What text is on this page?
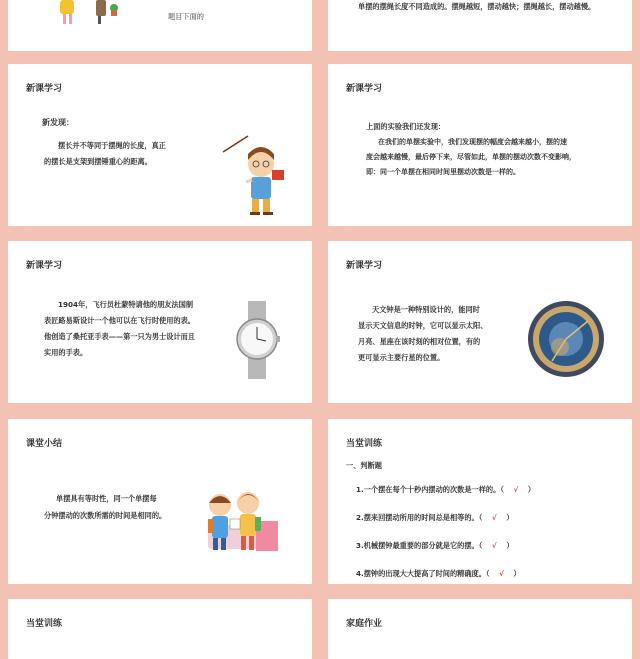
题目下面的
单摆的摆绳长度不同造成的。摆绳越短，摆动越快；摆绳越长，摆动越慢。
新课学习
新发现：
摆长并不等同于摆绳的长度，真正
的摆长是支架到摆锤重心的距离。
新课学习
上面的实验我们还发现：
在我们的单摆实验中，我们发现摆的幅度会越来越小，摆的速
度会越来越慢，最后停下来，尽管如此，单摆的摆动次数不变影响，
即：同一个单摆在相同时间里摆动次数是一样的。
新课学习
1904年，飞行员杜蒙特请他的朋友法国制
表匠路易斯设计一个他可以在飞行时使用的表。
他创造了桑托亚手表——第一只为男士设计而且
实用的手表。
新课学习
天文钟是一种特别设计的，能同时
显示天文信息的时钟，它可以显示太阳、
月亮、星座在该时刻的相对位置，有的
更可显示主要行星的位置。
课堂小结
单摆具有等时性，同一个单摆每
分钟摆动的次数所需的时间是相同的。
当堂训练
一、判断题
1.一个摆在每个十秒内摆动的次数是一样的。（ √ ）
2.摆来回摆动所用的时间总是相等的。（ √ ）
3.机械摆钟最重要的部分就是它的摆。（ √ ）
4.摆钟的出现大大提高了时间的精确度。（ √ ）
当堂训练	家庭作业
